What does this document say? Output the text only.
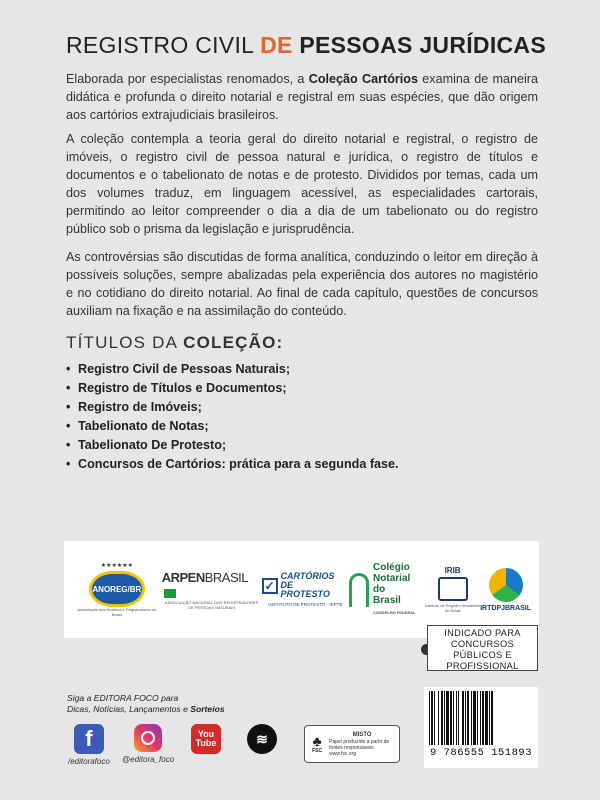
REGISTRO CIVIL DE PESSOAS JURÍDICAS

Elaborada por especialistas renomados, a Coleção Cartórios examina de maneira didática e profunda o direito notarial e registral em suas espécies, que dão origem aos cartórios extrajudiciais brasileiros.

A coleção contempla a teoria geral do direito notarial e registral, o registro de imóveis, o registro civil de pessoa natural e jurídica, o registro de títulos e documentos e o tabelionato de notas e de protesto. Divididos por temas, cada um dos volumes traduz, em linguagem acessível, as especialidades cartorais, permitindo ao leitor compreender o dia a dia de um tabelionato ou do registro público sob o prisma da legislação e jurisprudência.

As controvérsias são discutidas de forma analítica, conduzindo o leitor em direção à possíveis soluções, sempre abalizadas pela experiência dos autores no magistério e no cotidiano do direito notarial. Ao final de cada capítulo, questões de concursos auxiliam na fixação e na assimilação do conteúdo.

TÍTULOS DA COLEÇÃO:
• Registro Civil de Pessoas Naturais;
• Registro de Títulos e Documentos;
• Registro de Imóveis;
• Tabelionato de Notas;
• Tabelionato De Protesto;
• Concursos de Cartórios: prática para a segunda fase.
★★★★★★
ANOREG/BR
Associação dos Notários e Registradores do Brasil
ARPENBRASIL
ASSOCIAÇÃO NACIONAL DOS REGISTRADORES DE PESSOAS NATURAIS
✓
CARTÓRIOS DE
PROTESTO
INSTITUTO DE PROTESTO - IEPTB
Colégio
Notarial do
Brasil
CONSELHO FEDERAL
IRIB
Instituto de Registro Imobiliário do Brasil	IRTDPJBRASIL
INDICADO PARA
CONCURSOS
PÚBLICOS E
PROFISSIONAL
Siga a EDITORA FOCO para
Dicas, Notícias, Lançamentos e Sorteios
f
/editorafoco @editora_foco
You
Tube	≋	♣
FSC
MISTO
Papel produzido a partir de fontes responsáveis
www.fsc.org	9 786555 151893
